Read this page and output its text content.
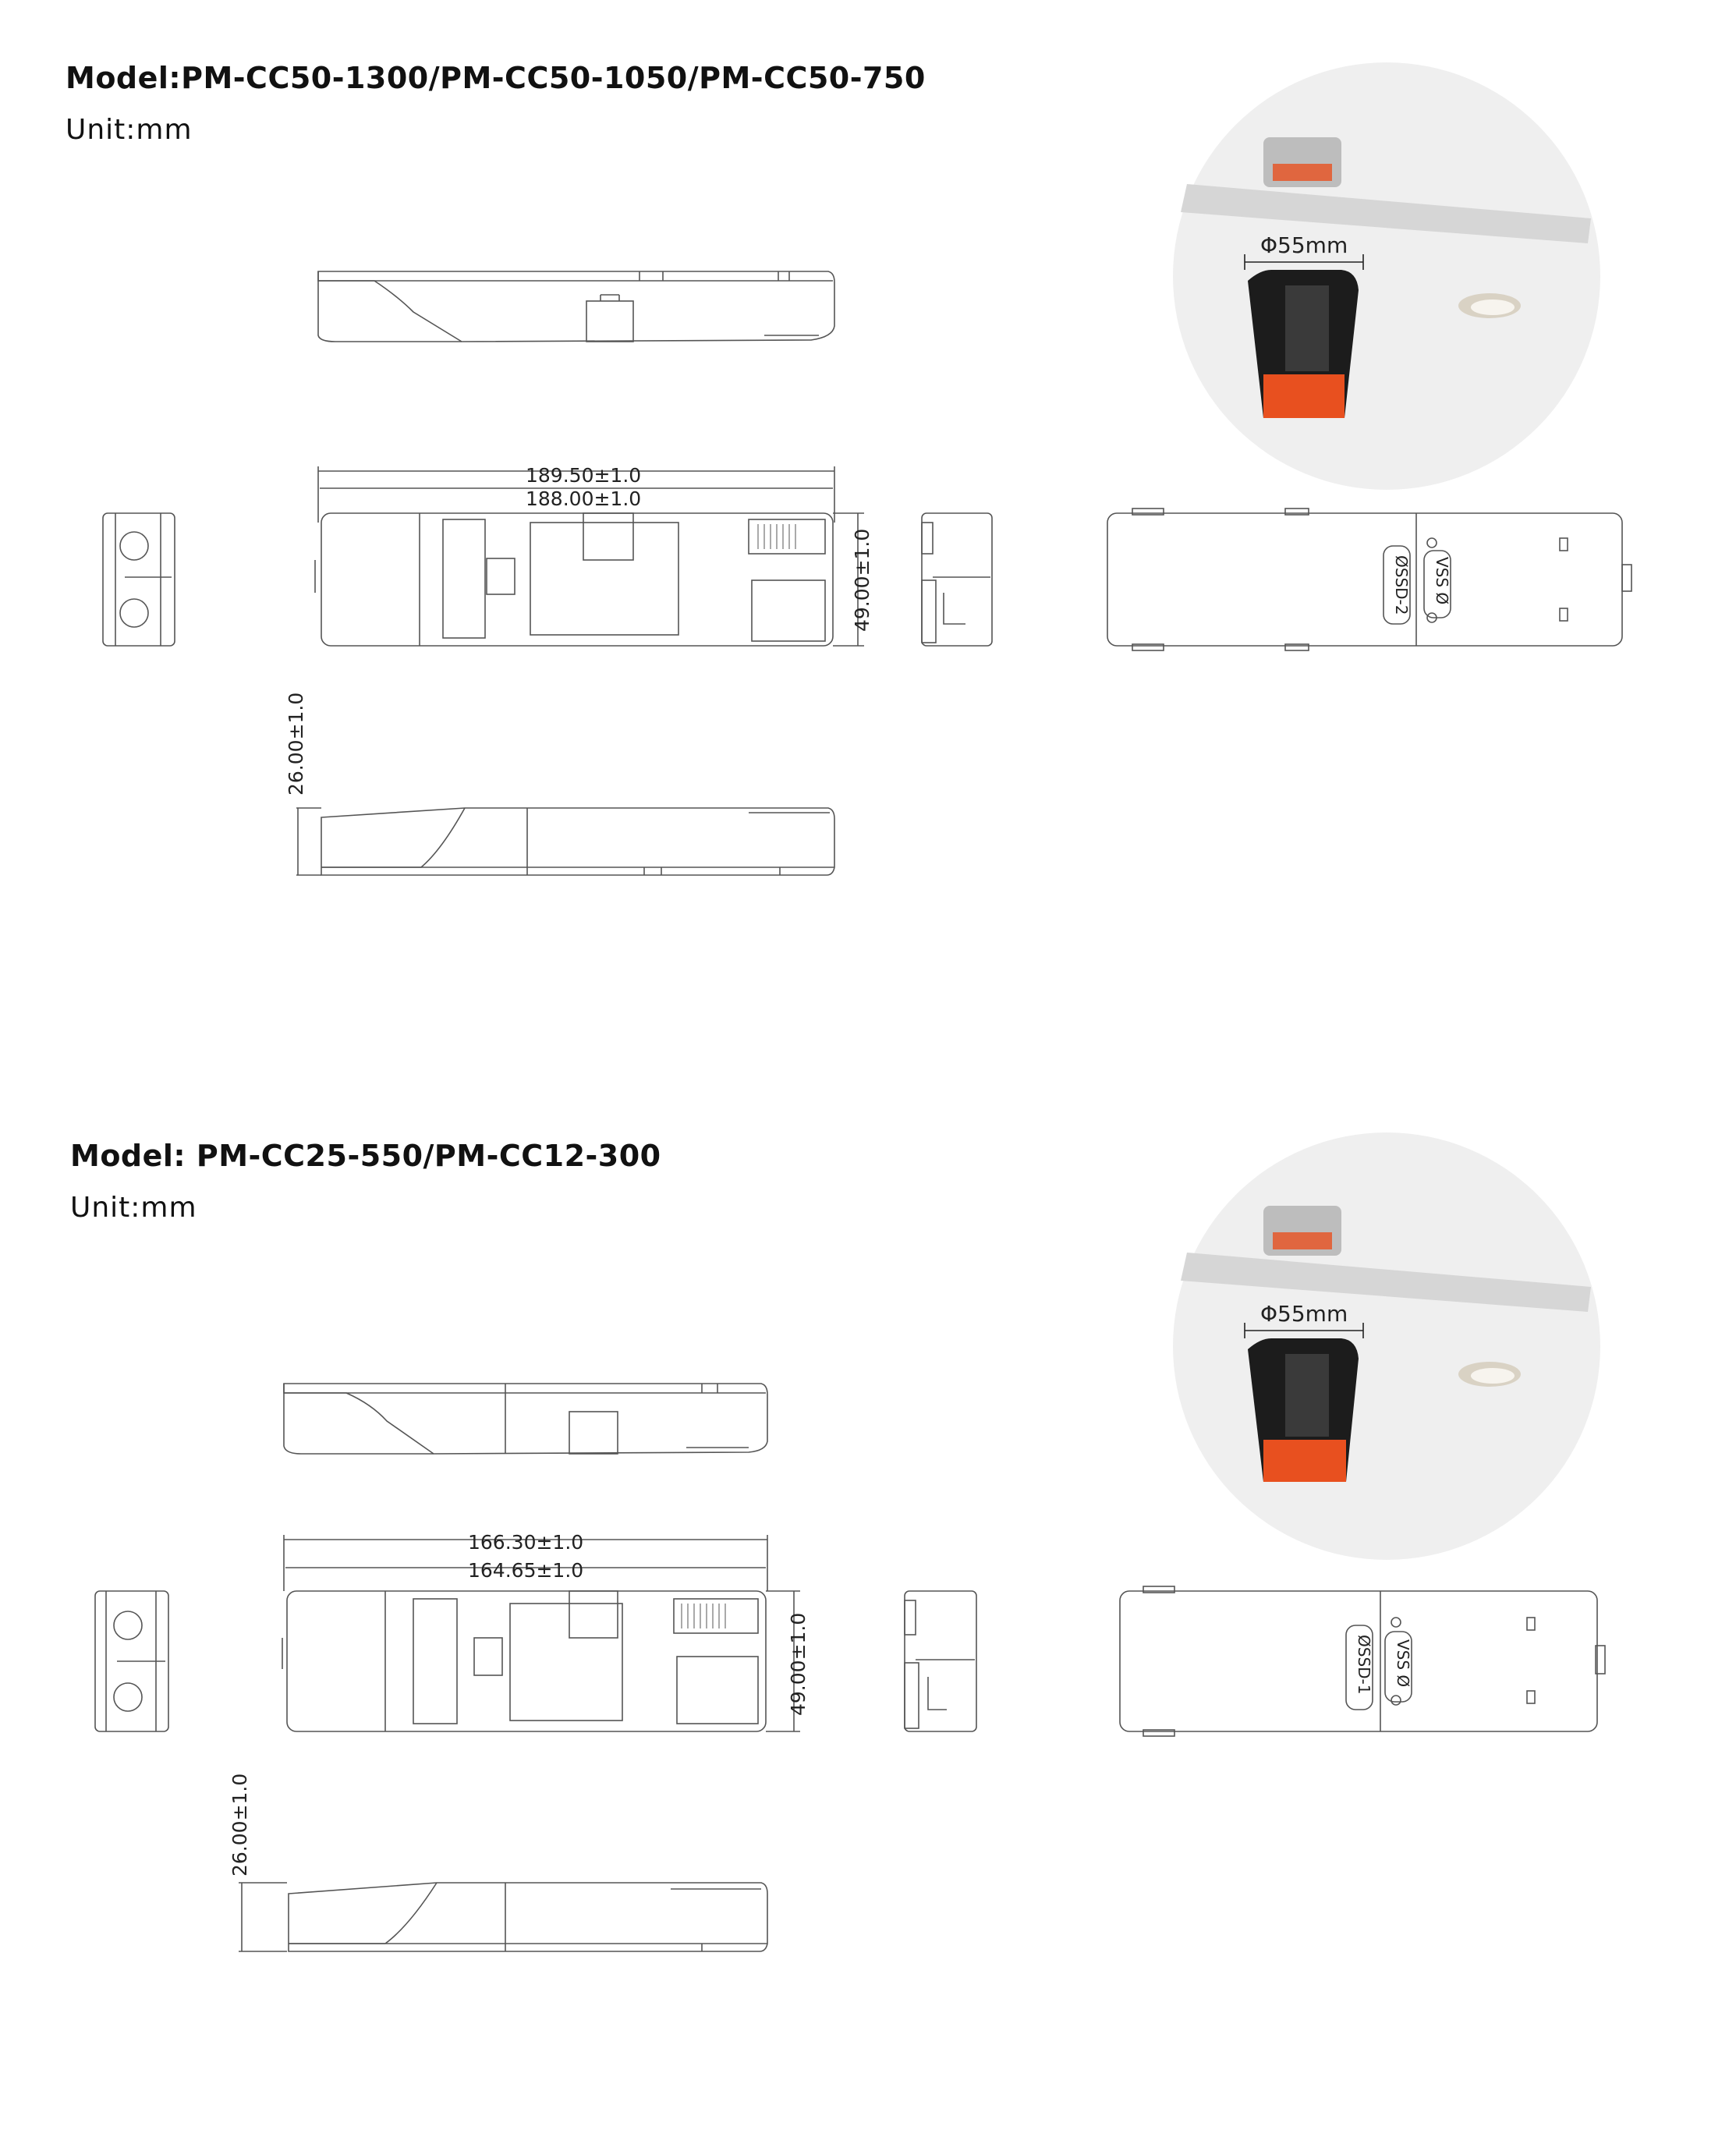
Model:PM-CC50-1300/PM-CC50-1050/PM-CC50-750
Unit:mm
189.50±1.0
188.00±1.0
49.00±1.0
26.00±1.0
ØSSD-2 VSS Ø
Φ55mm
Model: PM-CC25-550/PM-CC12-300
Unit:mm
166.30±1.0
164.65±1.0
49.00±1.0
26.00±1.0
ØSSD-1 VSS Ø
Φ55mm
